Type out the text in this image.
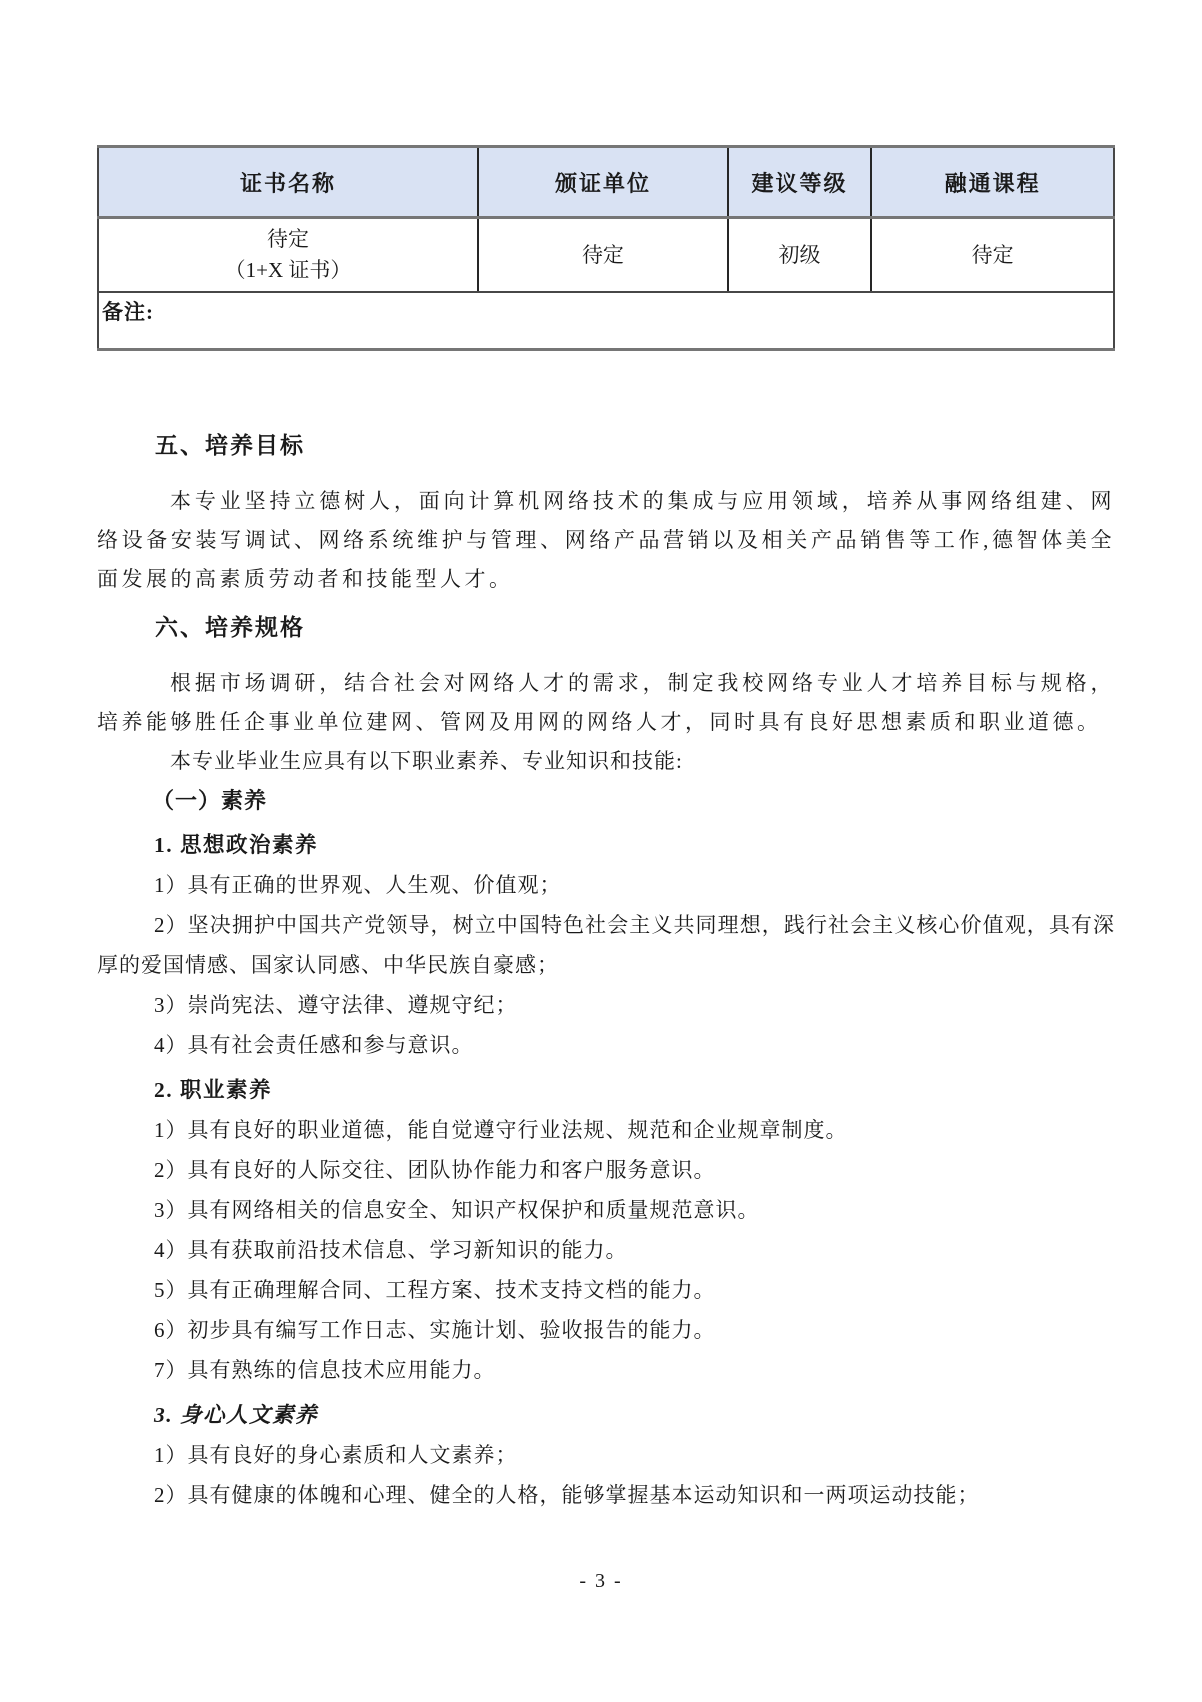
证书名称	颁证单位	建议等级	融通课程

待定
（1+X 证书）	待定	初级	待定
备注:			
五、培养目标

本专业坚持立德树人，面向计算机网络技术的集成与应用领域，培养从事网络组建、网络设备安装写调试、网络系统维护与管理、网络产品营销以及相关产品销售等工作,德智体美全面发展的高素质劳动者和技能型人才。

六、培养规格

根据市场调研，结合社会对网络人才的需求，制定我校网络专业人才培养目标与规格，培养能够胜任企事业单位建网、管网及用网的网络人才，同时具有良好思想素质和职业道德。

本专业毕业生应具有以下职业素养、专业知识和技能:

（一）素养
1. 思想政治素养

1）具有正确的世界观、人生观、价值观；

2）坚决拥护中国共产党领导，树立中国特色社会主义共同理想，践行社会主义核心价值观，具有深厚的爱国情感、国家认同感、中华民族自豪感；

3）崇尚宪法、遵守法律、遵规守纪；

4）具有社会责任感和参与意识。

2. 职业素养

1）具有良好的职业道德，能自觉遵守行业法规、规范和企业规章制度。

2）具有良好的人际交往、团队协作能力和客户服务意识。

3）具有网络相关的信息安全、知识产权保护和质量规范意识。

4）具有获取前沿技术信息、学习新知识的能力。

5）具有正确理解合同、工程方案、技术支持文档的能力。

6）初步具有编写工作日志、实施计划、验收报告的能力。

7）具有熟练的信息技术应用能力。

3. 身心人文素养

1）具有良好的身心素质和人文素养；

2）具有健康的体魄和心理、健全的人格，能够掌握基本运动知识和一两项运动技能；

- 3 -
